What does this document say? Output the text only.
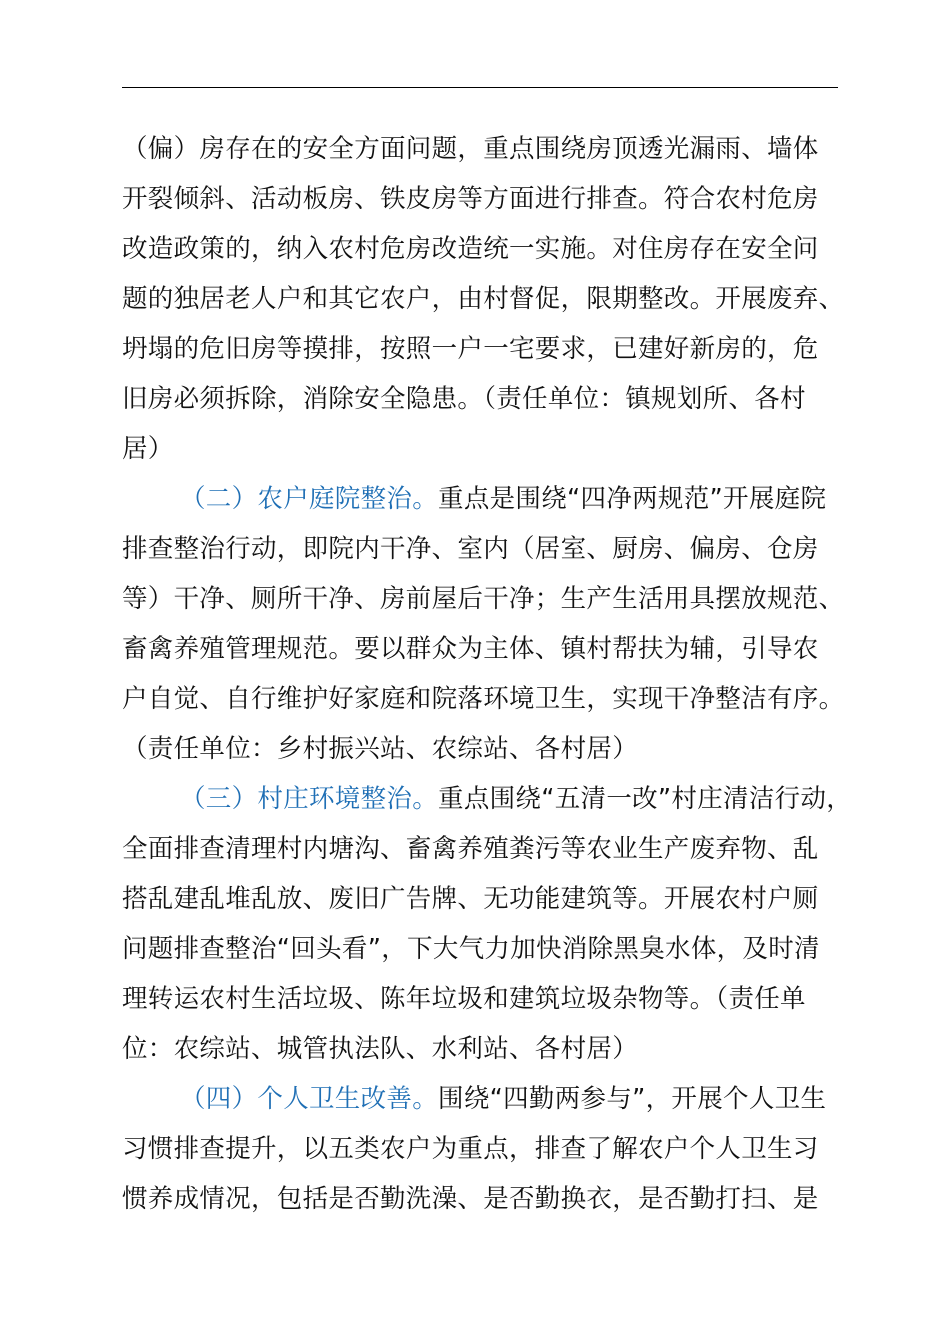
（偏）房存在的安全方面问题，重点围绕房顶透光漏雨、墙体
开裂倾斜、活动板房、铁皮房等方面进行排查。符合农村危房
改造政策的，纳入农村危房改造统一实施。对住房存在安全问
题的独居老人户和其它农户，由村督促，限期整改。开展废弃、
坍塌的危旧房等摸排，按照一户一宅要求，已建好新房的，危
旧房必须拆除，消除安全隐患。（责任单位：镇规划所、各村
居）
（二）农户庭院整治。重点是围绕“四净两规范”开展庭院
排查整治行动，即院内干净、室内（居室、厨房、偏房、仓房
等）干净、厕所干净、房前屋后干净；生产生活用具摆放规范、
畜禽养殖管理规范。要以群众为主体、镇村帮扶为辅，引导农
户自觉、自行维护好家庭和院落环境卫生，实现干净整洁有序。
（责任单位：乡村振兴站、农综站、各村居）
（三）村庄环境整治。重点围绕“五清一改”村庄清洁行动，
全面排查清理村内塘沟、畜禽养殖粪污等农业生产废弃物、乱
搭乱建乱堆乱放、废旧广告牌、无功能建筑等。开展农村户厕
问题排查整治“回头看”，下大气力加快消除黑臭水体，及时清
理转运农村生活垃圾、陈年垃圾和建筑垃圾杂物等。（责任单
位：农综站、城管执法队、水利站、各村居）
（四）个人卫生改善。围绕“四勤两参与”，开展个人卫生
习惯排查提升，以五类农户为重点，排查了解农户个人卫生习
惯养成情况，包括是否勤洗澡、是否勤换衣，是否勤打扫、是
